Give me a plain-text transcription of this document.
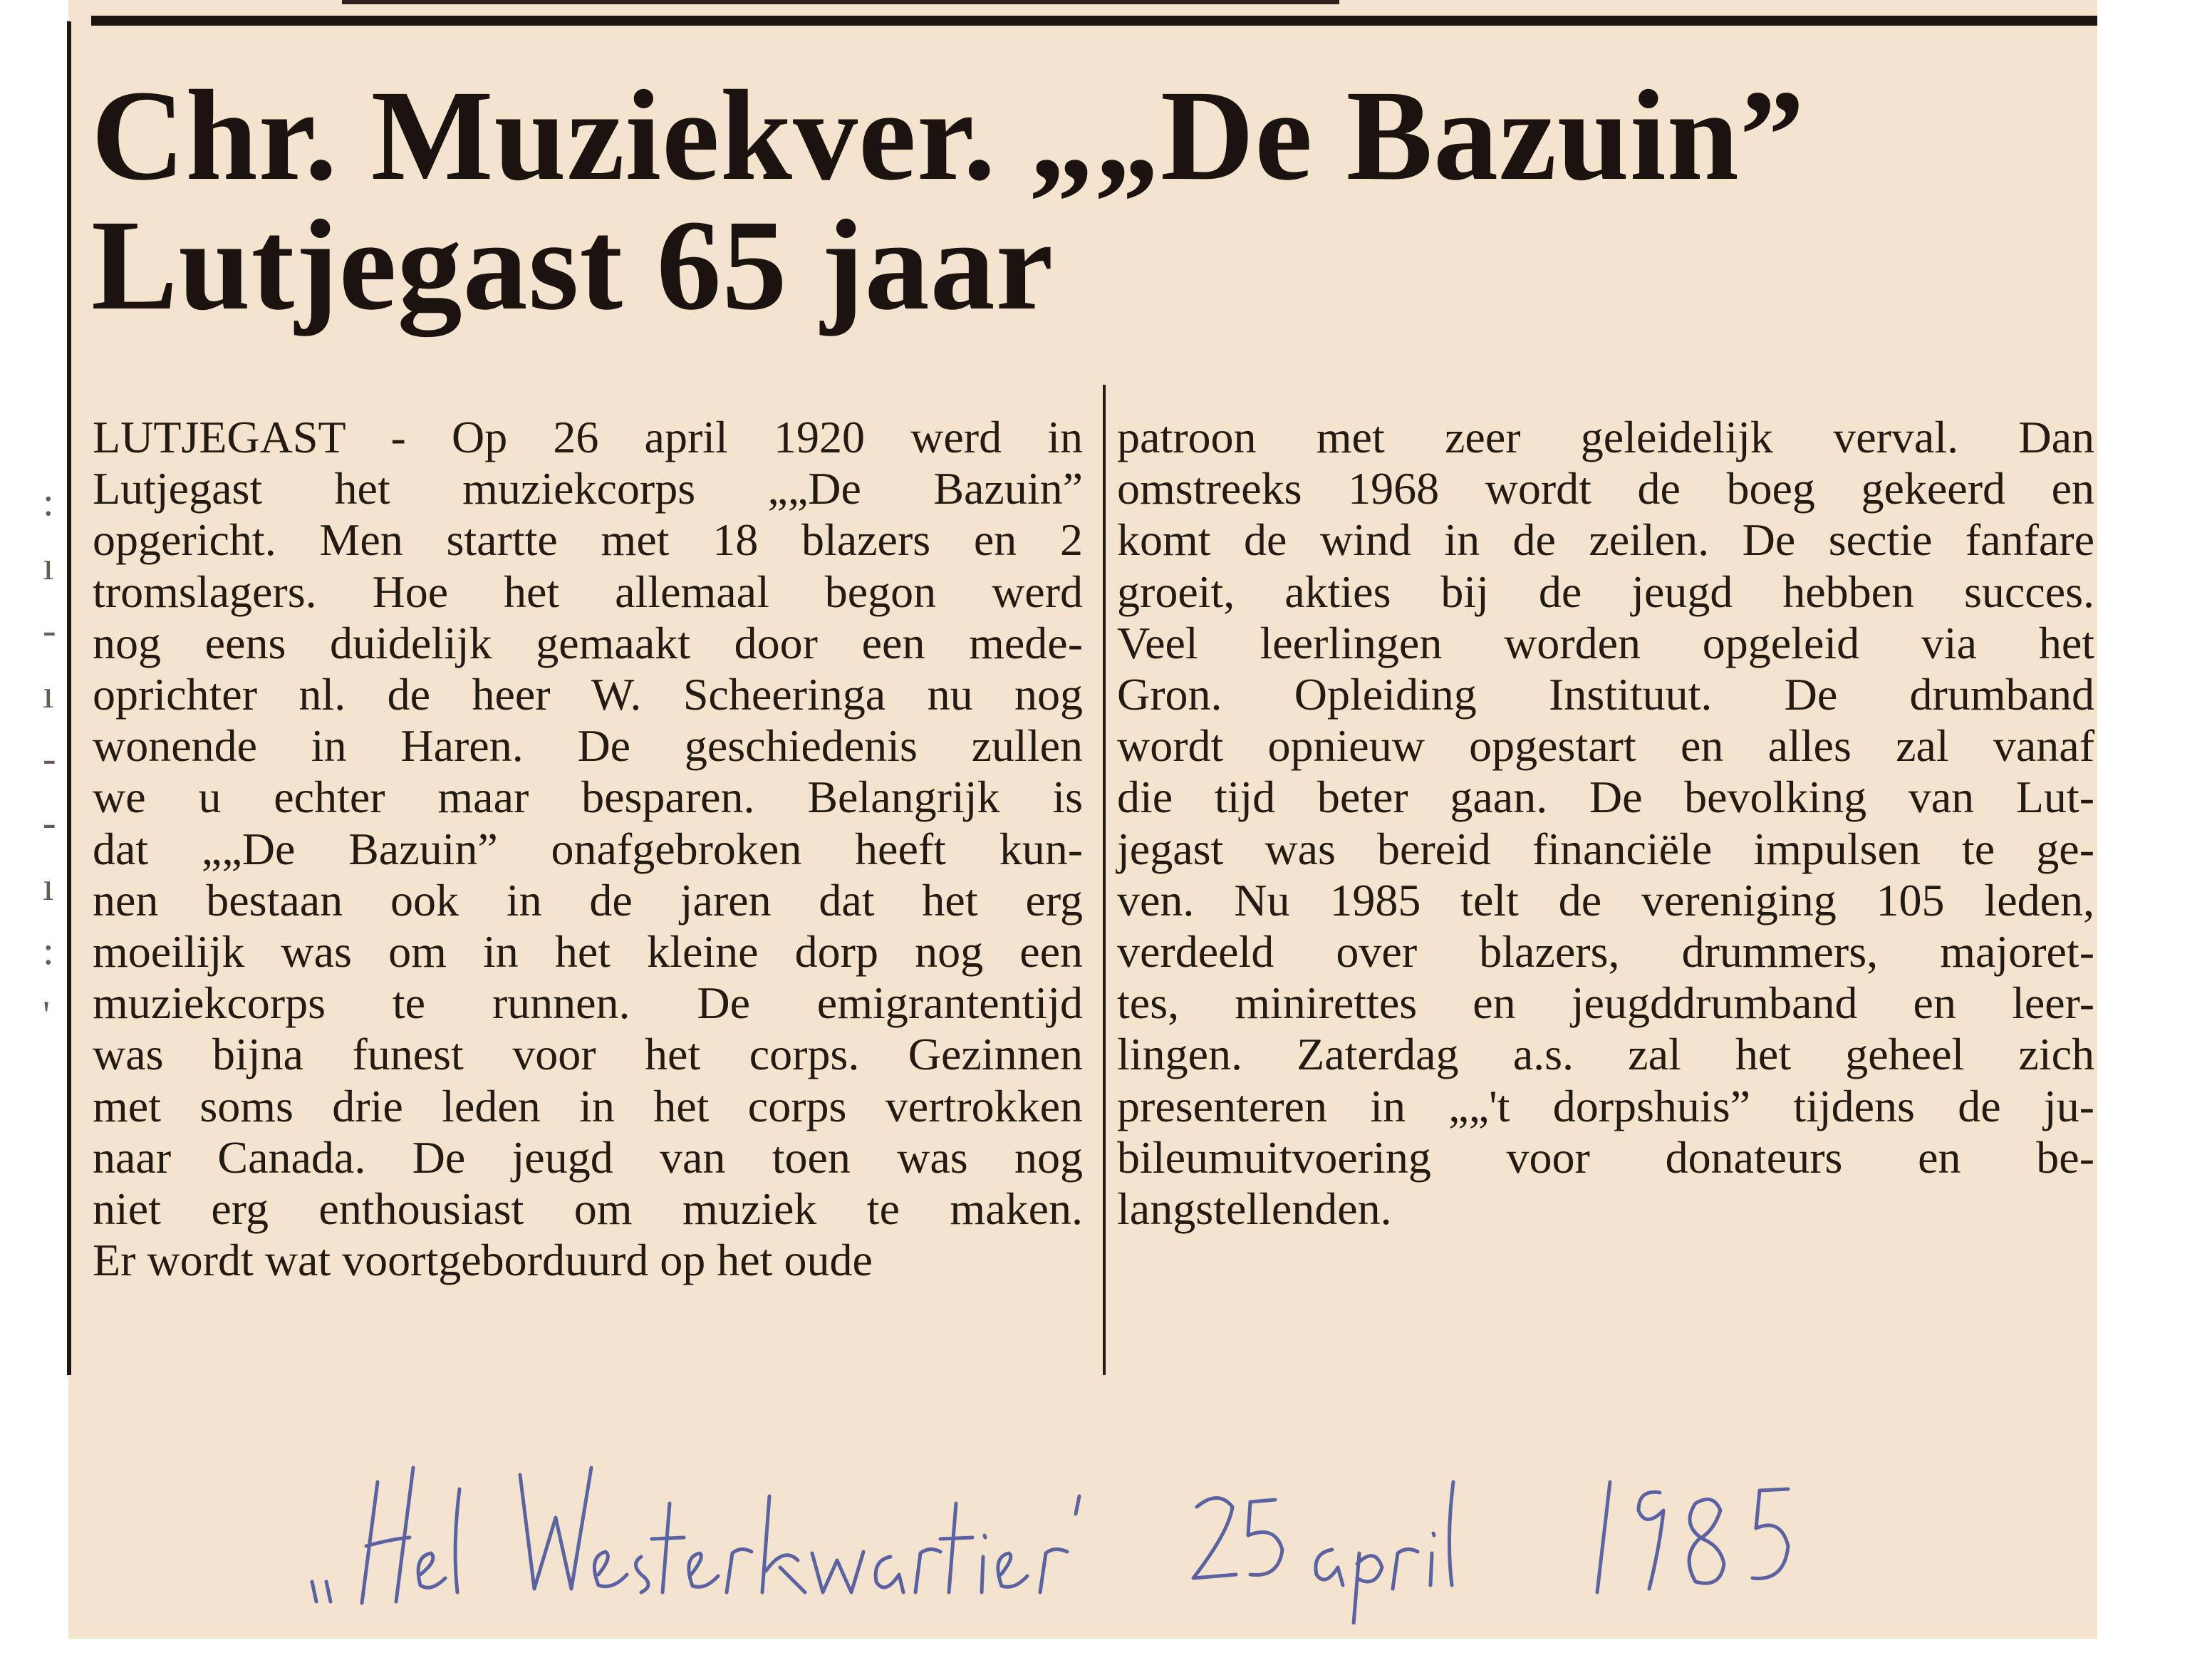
:
ı
-
ı
-
-
ı
:
'
Chr. Muziekver. „„De Bazuin”
Lutjegast 65 jaar
LUTJEGAST - Op 26 april 1920 werd in
Lutjegast het muziekcorps „„De Bazuin”
opgericht. Men startte met 18 blazers en 2
tromslagers. Hoe het allemaal begon werd
nog eens duidelijk gemaakt door een mede-
oprichter nl. de heer W. Scheeringa nu nog
wonende in Haren. De geschiedenis zullen
we u echter maar besparen. Belangrijk is
dat „„De Bazuin” onafgebroken heeft kun-
nen bestaan ook in de jaren dat het erg
moeilijk was om in het kleine dorp nog een
muziekcorps te runnen. De emigrantentijd
was bijna funest voor het corps. Gezinnen
met soms drie leden in het corps vertrokken
naar Canada. De jeugd van toen was nog
niet erg enthousiast om muziek te maken.
Er wordt wat voortgeborduurd op het oude
patroon met zeer geleidelijk verval. Dan
omstreeks 1968 wordt de boeg gekeerd en
komt de wind in de zeilen. De sectie fanfare
groeit, akties bij de jeugd hebben succes.
Veel leerlingen worden opgeleid via het
Gron. Opleiding Instituut. De drumband
wordt opnieuw opgestart en alles zal vanaf
die tijd beter gaan. De bevolking van Lut-
jegast was bereid financiële impulsen te ge-
ven. Nu 1985 telt de vereniging 105 leden,
verdeeld over blazers, drummers, majoret-
tes, minirettes en jeugddrumband en leer-
lingen. Zaterdag a.s. zal het geheel zich
presenteren in „„'t dorpshuis” tijdens de ju-
bileumuitvoering voor donateurs en be-
langstellenden.
